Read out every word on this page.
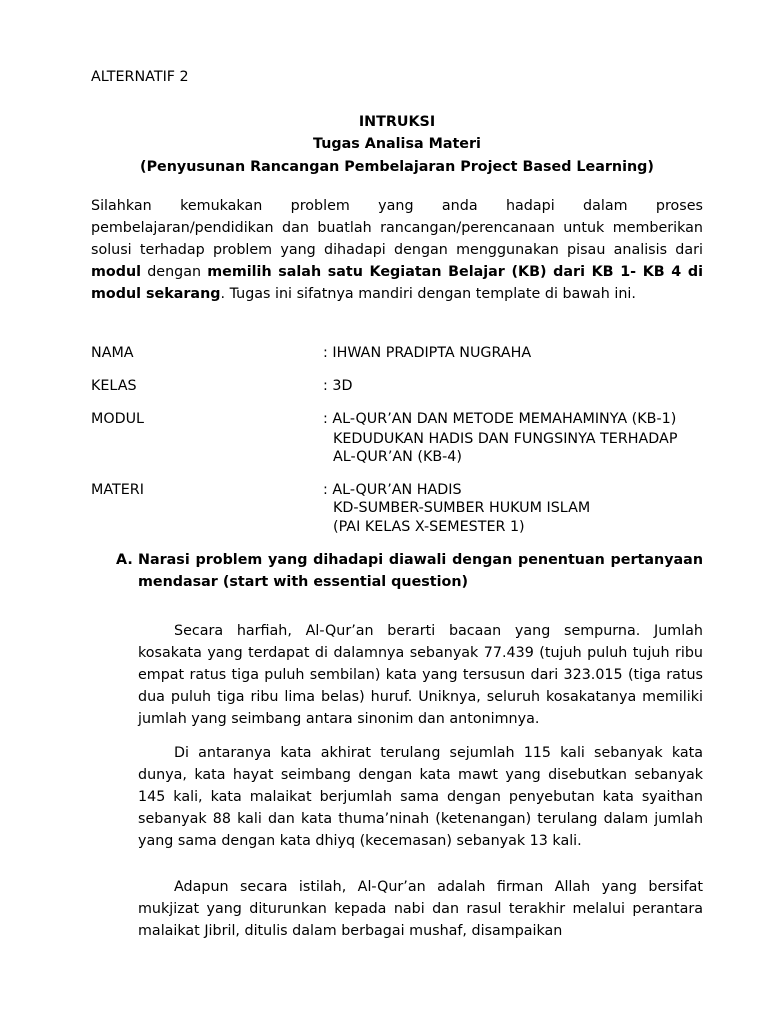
ALTERNATIF 2
INTRUKSI
Tugas Analisa Materi
(Penyusunan Rancangan Pembelajaran Project Based Learning)
Silahkan kemukakan problem yang anda hadapi dalam proses pembelajaran/pendidikan dan buatlah rancangan/perencanaan untuk memberikan solusi terhadap problem yang dihadapi dengan menggunakan pisau analisis dari modul dengan memilih salah satu Kegiatan Belajar (KB) dari KB 1- KB 4 di modul sekarang. Tugas ini sifatnya mandiri dengan template di bawah ini.
NAMA	: IHWAN PRADIPTA NUGRAHA
KELAS	: 3D
MODUL	: AL-QUR’AN DAN METODE MEMAHAMINYA (KB-1)
KEDUDUKAN HADIS DAN FUNGSINYA TERHADAP
AL-QUR’AN (KB-4)
MATERI	: AL-QUR’AN HADIS
KD-SUMBER-SUMBER HUKUM ISLAM
(PAI KELAS X-SEMESTER 1)
A. Narasi problem yang dihadapi diawali dengan penentuan pertanyaan mendasar (start with essential question)
Secara harfiah, Al-Qur’an berarti bacaan yang sempurna. Jumlah kosakata yang terdapat di dalamnya sebanyak 77.439 (tujuh puluh tujuh ribu empat ratus tiga puluh sembilan) kata yang tersusun dari 323.015 (tiga ratus dua puluh tiga ribu lima belas) huruf. Uniknya, seluruh kosakatanya memiliki jumlah yang seimbang antara sinonim dan antonimnya.
Di antaranya kata akhirat terulang sejumlah 115 kali sebanyak kata dunya, kata hayat seimbang dengan kata mawt yang disebutkan sebanyak 145 kali, kata malaikat berjumlah sama dengan penyebutan kata syaithan sebanyak 88 kali dan kata thuma’ninah (ketenangan) terulang dalam jumlah yang sama dengan kata dhiyq (kecemasan) sebanyak 13 kali.
Adapun secara istilah, Al-Qur’an adalah firman Allah yang bersifat mukjizat yang diturunkan kepada nabi dan rasul terakhir melalui perantara malaikat Jibril, ditulis dalam berbagai mushaf, disampaikan
